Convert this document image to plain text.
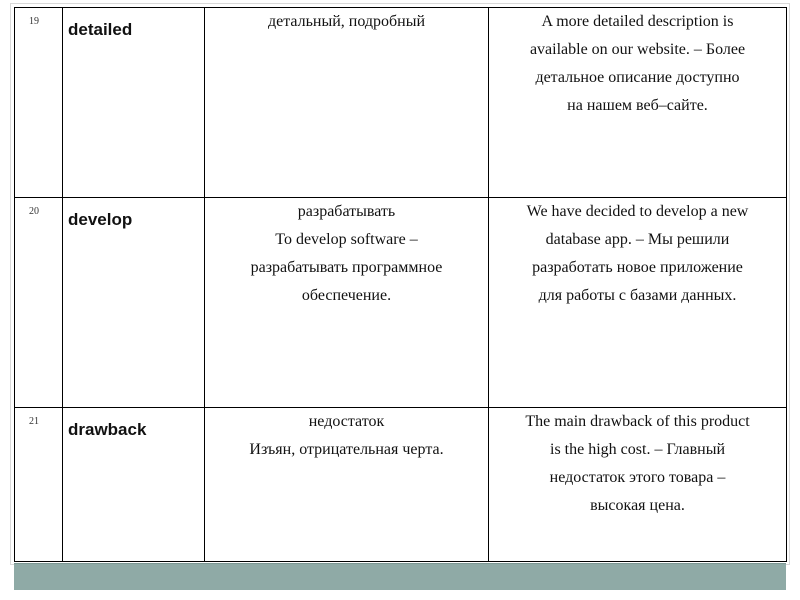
19	detailed	детальный, подробный	A more detailed description is
available on our website. – Более
детальное описание доступно
на нашем веб–сайте.

20	develop	разрабатывать
To develop software –
разрабатывать программное
обеспечение.	We have decided to develop a new
database app. – Мы решили
разработать новое приложение
для работы с базами данных.

21	drawback	недостаток
Изъян, отрицательная черта.	The main drawback of this product
is the high cost. – Главный
недостаток этого товара –
высокая цена.
